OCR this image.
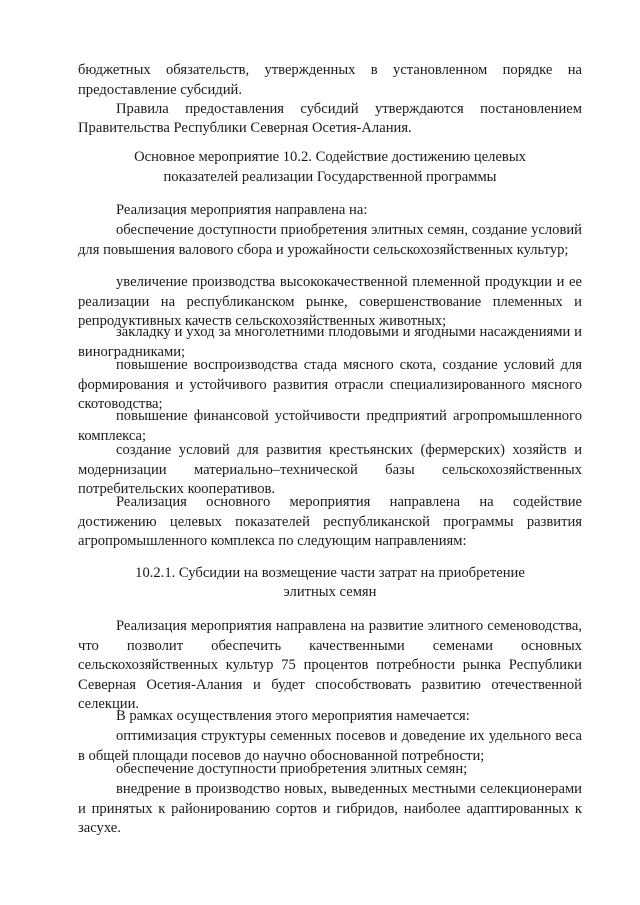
бюджетных обязательств, утвержденных в установленном порядке на

предоставление субсидий.

Правила предоставления субсидий утверждаются постановлением

Правительства Республики Северная Осетия-Алания.

Основное мероприятие 10.2. Содействие достижению целевых

показателей реализации Государственной программы

Реализация мероприятия направлена на:

обеспечение доступности приобретения элитных семян, создание условий для повышения валового сбора и урожайности сельскохозяйственных культур;

увеличение производства высококачественной племенной продукции и ее реализации на республиканском рынке, совершенствование племенных и репродуктивных качеств сельскохозяйственных животных;

закладку и уход за многолетними плодовыми и ягодными насаждениями и виноградниками;

повышение воспроизводства стада мясного скота, создание условий для формирования и устойчивого развития отрасли специализированного мясного скотоводства;

повышение финансовой устойчивости предприятий агропромышленного комплекса;

создание условий для развития крестьянских (фермерских) хозяйств и модернизации материально–технической базы сельскохозяйственных потребительских кооперативов.

Реализация основного мероприятия направлена на содействие достижению целевых показателей республиканской программы развития агропромышленного комплекса по следующим направлениям:

10.2.1. Субсидии на возмещение части затрат на приобретение

элитных семян

Реализация мероприятия направлена на развитие элитного семеноводства, что позволит обеспечить качественными семенами основных сельскохозяйственных культур 75 процентов потребности рынка Республики Северная Осетия-Алания и будет способствовать развитию отечественной селекции.

В рамках осуществления этого мероприятия намечается:

оптимизация структуры семенных посевов и доведение их удельного веса в общей площади посевов до научно обоснованной потребности;

обеспечение доступности приобретения элитных семян;

внедрение в производство новых, выведенных местными селекционерами и принятых к районированию сортов и гибридов, наиболее адаптированных к засухе.
